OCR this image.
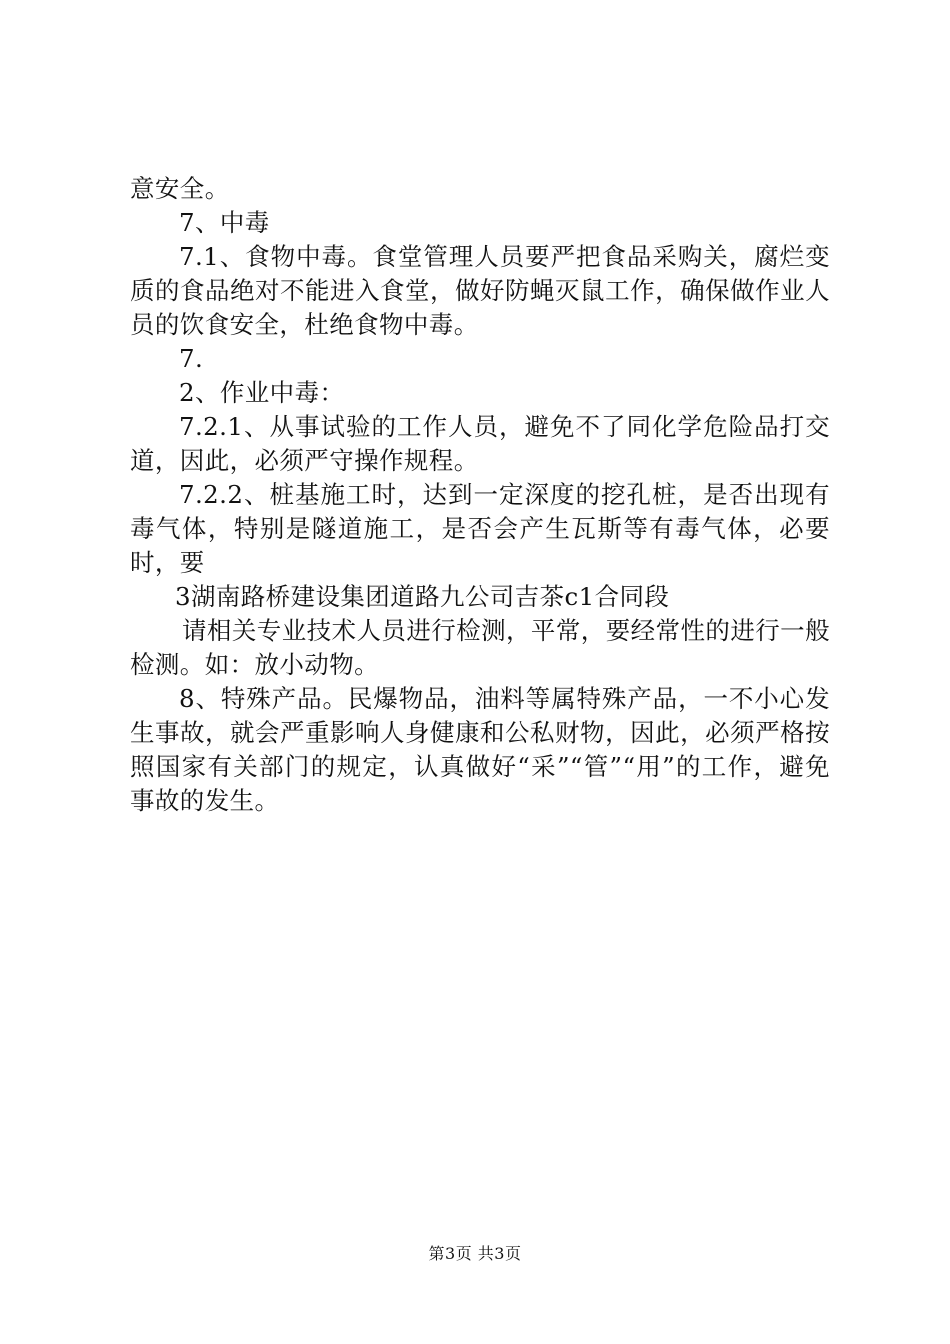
意安全。

7、中毒

7.1、食物中毒。食堂管理人员要严把食品采购关，腐烂变质的食品绝对不能进入食堂，做好防蝇灭鼠工作，确保做作业人员的饮食安全，杜绝食物中毒。

7.

2、作业中毒：

7.2.1、从事试验的工作人员，避免不了同化学危险品打交道，因此，必须严守操作规程。

7.2.2、桩基施工时，达到一定深度的挖孔桩，是否出现有毒气体，特别是隧道施工，是否会产生瓦斯等有毒气体，必要时，要

3湖南路桥建设集团道路九公司吉茶c1合同段

请相关专业技术人员进行检测，平常，要经常性的进行一般检测。如：放小动物。

8、特殊产品。民爆物品，油料等属特殊产品，一不小心发生事故，就会严重影响人身健康和公私财物，因此，必须严格按照国家有关部门的规定，认真做好“采”“管”“用”的工作，避免事故的发生。

第3页 共3页
